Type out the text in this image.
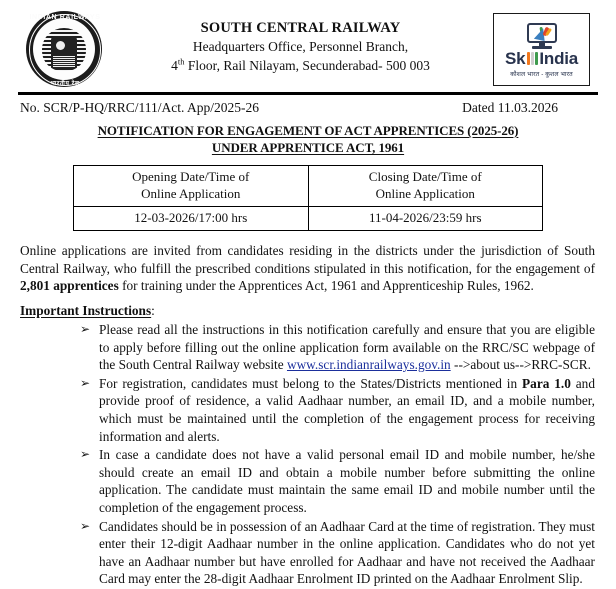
INDIAN RAILWAYS
भारतीय रेल
SOUTH CENTRAL RAILWAY
Headquarters Office, Personnel Branch,
4th Floor, Rail Nilayam, Secunderabad- 500 003	Sk India
कौशल भारत - कुशल भारत
No. SCR/P-HQ/RRC/111/Act. App/2025-26	Dated 11.03.2026
NOTIFICATION FOR ENGAGEMENT OF ACT APPRENTICES (2025-26)
UNDER APPRENTICE ACT, 1961
Opening Date/Time of
Online Application

Closing Date/Time of
Online Application

12-03-2026/17:00 hrs	11-04-2026/23:59 hrs
Online applications are invited from candidates residing in the districts under the jurisdiction of South Central Railway, who fulfill the prescribed conditions stipulated in this notification, for the engagement of 2,801 apprentices for training under the Apprentices Act, 1961 and Apprenticeship Rules, 1962.
Important Instructions:
➢ Please read all the instructions in this notification carefully and ensure that you are eligible to apply before filling out the online application form available on the RRC/SC webpage of the South Central Railway website www.scr.indianrailways.gov.in -->about us-->RRC-SCR.
➢ For registration, candidates must belong to the States/Districts mentioned in Para 1.0 and provide proof of residence, a valid Aadhaar number, an email ID, and a mobile number, which must be maintained until the completion of the engagement process for receiving information and alerts.
➢ In case a candidate does not have a valid personal email ID and mobile number, he/she should create an email ID and obtain a mobile number before submitting the online application. The candidate must maintain the same email ID and mobile number until the completion of the engagement process.
➢ Candidates should be in possession of an Aadhaar Card at the time of registration. They must enter their 12-digit Aadhaar number in the online application. Candidates who do not yet have an Aadhaar number but have enrolled for Aadhaar and have not received the Aadhaar Card may enter the 28-digit Aadhaar Enrolment ID printed on the Aadhaar Enrolment Slip.
